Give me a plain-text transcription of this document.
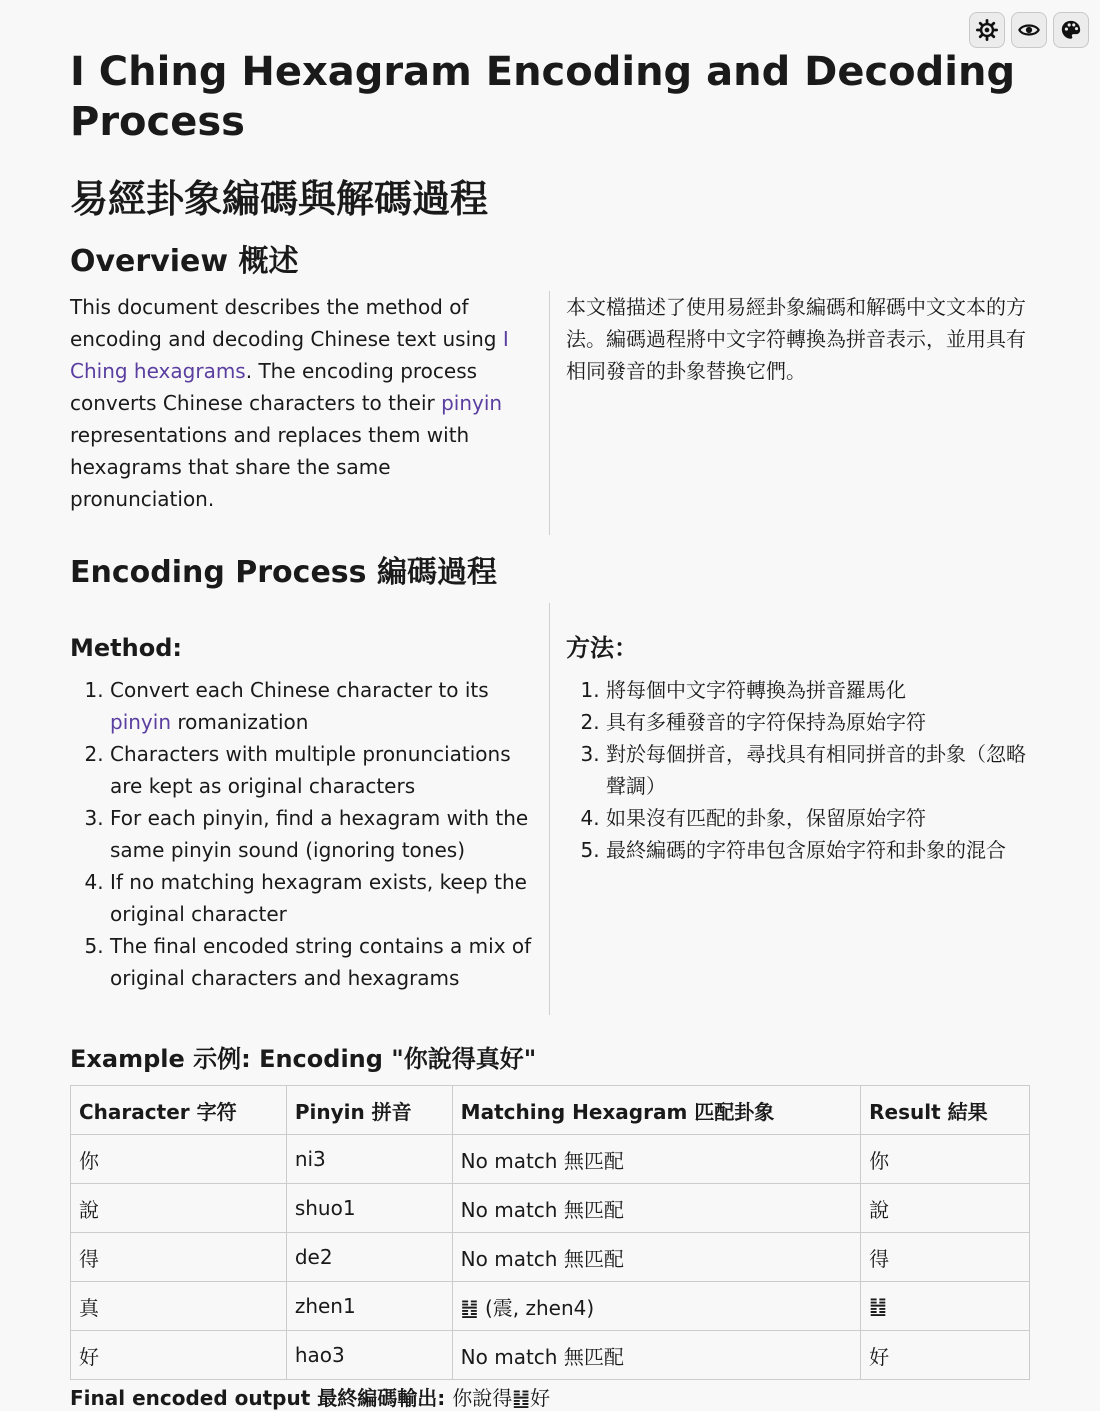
I Ching Hexagram Encoding and Decoding Process
易經卦象編碼與解碼過程
Overview 概述

This document describes the method of encoding and decoding Chinese text using I Ching hexagrams. The encoding process converts Chinese characters to their pinyin representations and replaces them with hexagrams that share the same pronunciation.

本文檔描述了使用易經卦象編碼和解碼中文文本的方法。編碼過程將中文字符轉換為拼音表示，並用具有相同發音的卦象替換它們。

Encoding Process 編碼過程
Method:
1. Convert each Chinese character to its pinyin romanization
2. Characters with multiple pronunciations are kept as original characters
3. For each pinyin, find a hexagram with the same pinyin sound (ignoring tones)
4. If no matching hexagram exists, keep the original character
5. The final encoded string contains a mix of original characters and hexagrams
方法：
1. 將每個中文字符轉換為拼音羅馬化
2. 具有多種發音的字符保持為原始字符
3. 對於每個拼音，尋找具有相同拼音的卦象（忽略聲調）
4. 如果沒有匹配的卦象，保留原始字符
5. 最終編碼的字符串包含原始字符和卦象的混合
Example 示例: Encoding "你說得真好"
Character 字符	Pinyin 拼音	Matching Hexagram 匹配卦象	Result 結果
你	ni3	No match 無匹配	你
說	shuo1	No match 無匹配	說
得	de2	No match 無匹配	得
真	zhen1	䷲ (震, zhen4)	䷲
好	hao3	No match 無匹配	好
Final encoded output 最終編碼輸出: 你說得䷲好
